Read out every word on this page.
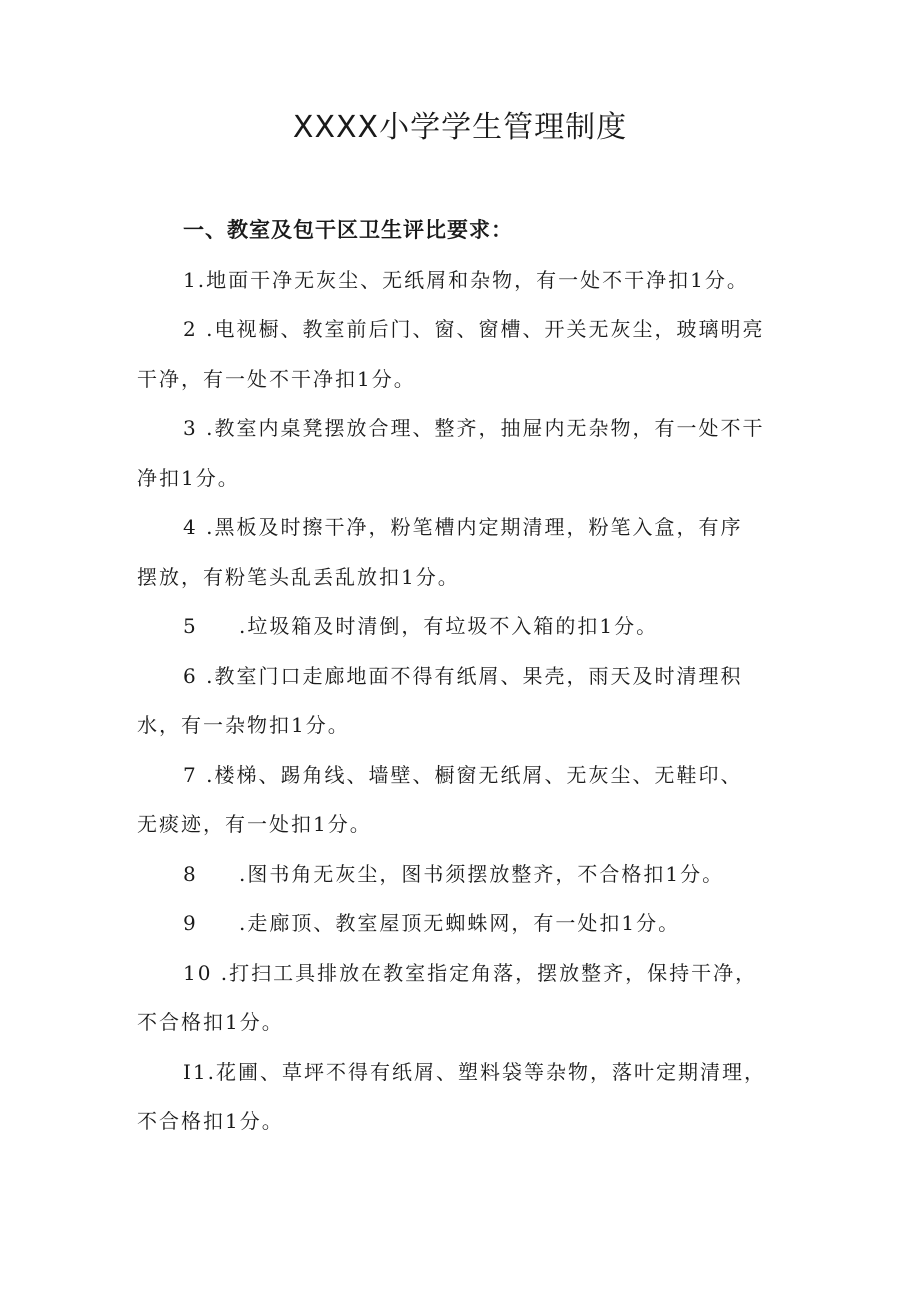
XXXX小学学生管理制度
一、教室及包干区卫生评比要求：
1.地面干净无灰尘、无纸屑和杂物，有一处不干净扣1分。
2 .电视橱、教室前后门、窗、窗槽、开关无灰尘，玻璃明亮
干净，有一处不干净扣1分。
3 .教室内桌凳摆放合理、整齐，抽屉内无杂物，有一处不干
净扣1分。
4 .黑板及时擦干净，粉笔槽内定期清理，粉笔入盒，有序
摆放，有粉笔头乱丢乱放扣1分。
5 .垃圾箱及时清倒，有垃圾不入箱的扣1分。
6 .教室门口走廊地面不得有纸屑、果壳，雨天及时清理积
水，有一杂物扣1分。
7 .楼梯、踢角线、墙壁、橱窗无纸屑、无灰尘、无鞋印、
无痰迹，有一处扣1分。
8 .图书角无灰尘，图书须摆放整齐，不合格扣1分。
9 .走廊顶、教室屋顶无蜘蛛网，有一处扣1分。
10 .打扫工具排放在教室指定角落，摆放整齐，保持干净，
不合格扣1分。
I1.花圃、草坪不得有纸屑、塑料袋等杂物，落叶定期清理，
不合格扣1分。
